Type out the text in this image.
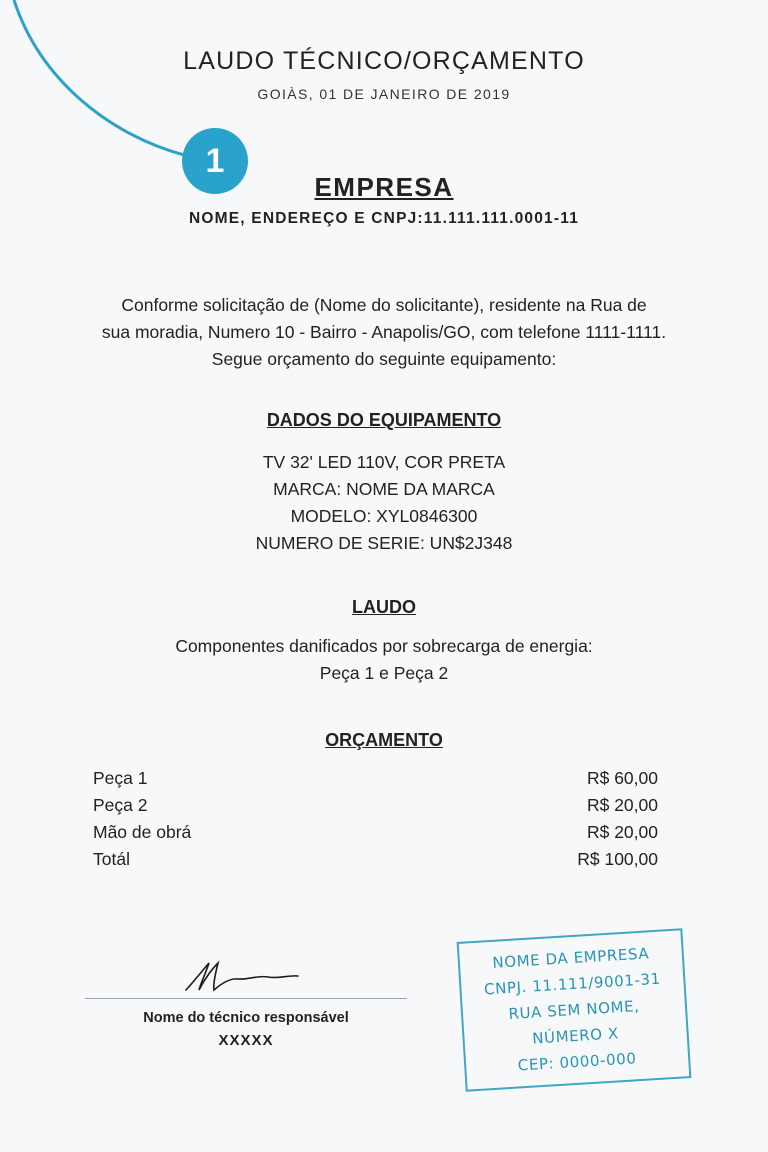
1
LAUDO TÉCNICO/ORÇAMENTO
GOIÀS, 01 DE JANEIRO DE 2019
EMPRESA
NOME, ENDEREÇO E CNPJ:11.111.111.0001-11
Conforme solicitação de (Nome do solicitante), residente na Rua de
sua moradia, Numero 10 - Bairro - Anapolis/GO, com telefone 1111-1111.
Segue orçamento do seguinte equipamento:
DADOS DO EQUIPAMENTO
TV 32' LED 110V, COR PRETA
MARCA: NOME DA MARCA
MODELO: XYL0846300
NUMERO DE SERIE: UN$2J348
LAUDO
Componentes danificados por sobrecarga de energia:
Peça 1 e Peça 2
ORÇAMENTO
Peça 1	R$ 60,00
Peça 2	R$ 20,00
Mão de obrá	R$ 20,00
Totál	R$ 100,00
Nome do técnico responsável
XXXXX
NOME DA EMPRESA
CNPJ. 11.111/9001-31
RUA SEM NOME,
NÚMERO X
CEP: 0000-000
